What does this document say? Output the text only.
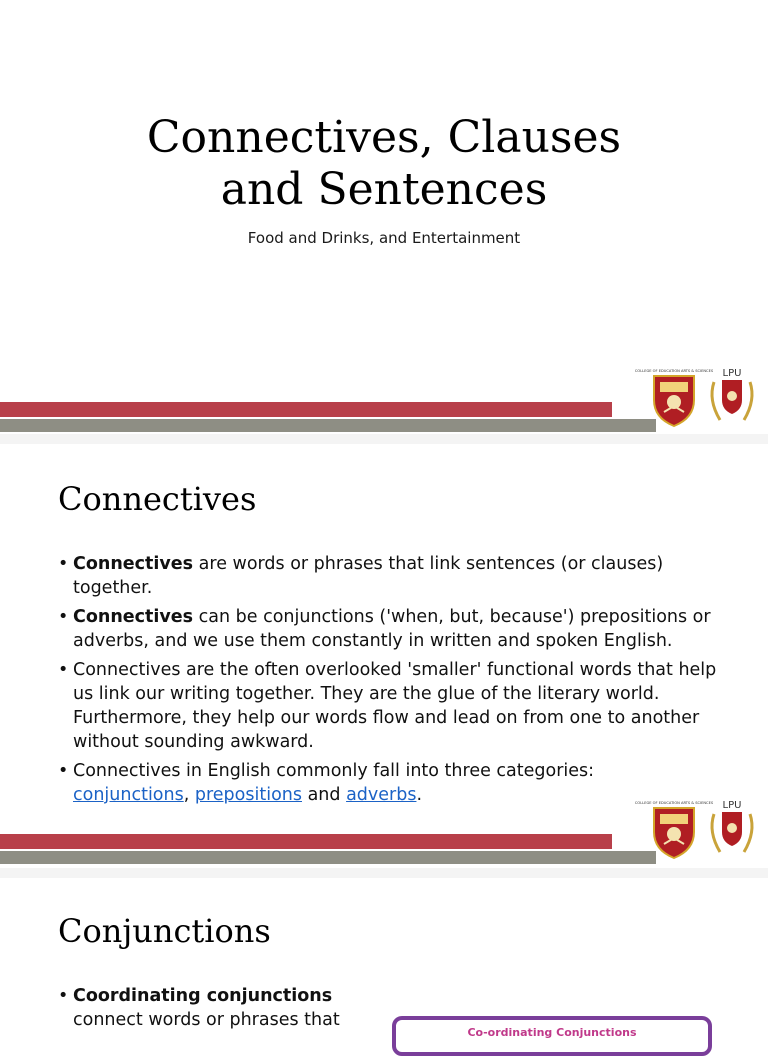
Connectives, Clauses
and Sentences
Food and Drinks, and Entertainment
COLLEGE OF EDUCATION ARTS & SCIENCES LPU
Connectives
• Connectives are words or phrases that link sentences (or clauses) together.
• Connectives can be conjunctions ('when, but, because') prepositions or adverbs, and we use them constantly in written and spoken English.
• Connectives are the often overlooked 'smaller' functional words that help us link our writing together. They are the glue of the literary world. Furthermore, they help our words flow and lead on from one to another without sounding awkward.
• Connectives in English commonly fall into three categories:
conjunctions, prepositions and adverbs.	COLLEGE OF EDUCATION ARTS & SCIENCES LPU
Conjunctions
• Coordinating conjunctions
connect words or phrases that
Co-ordinating Conjunctions
